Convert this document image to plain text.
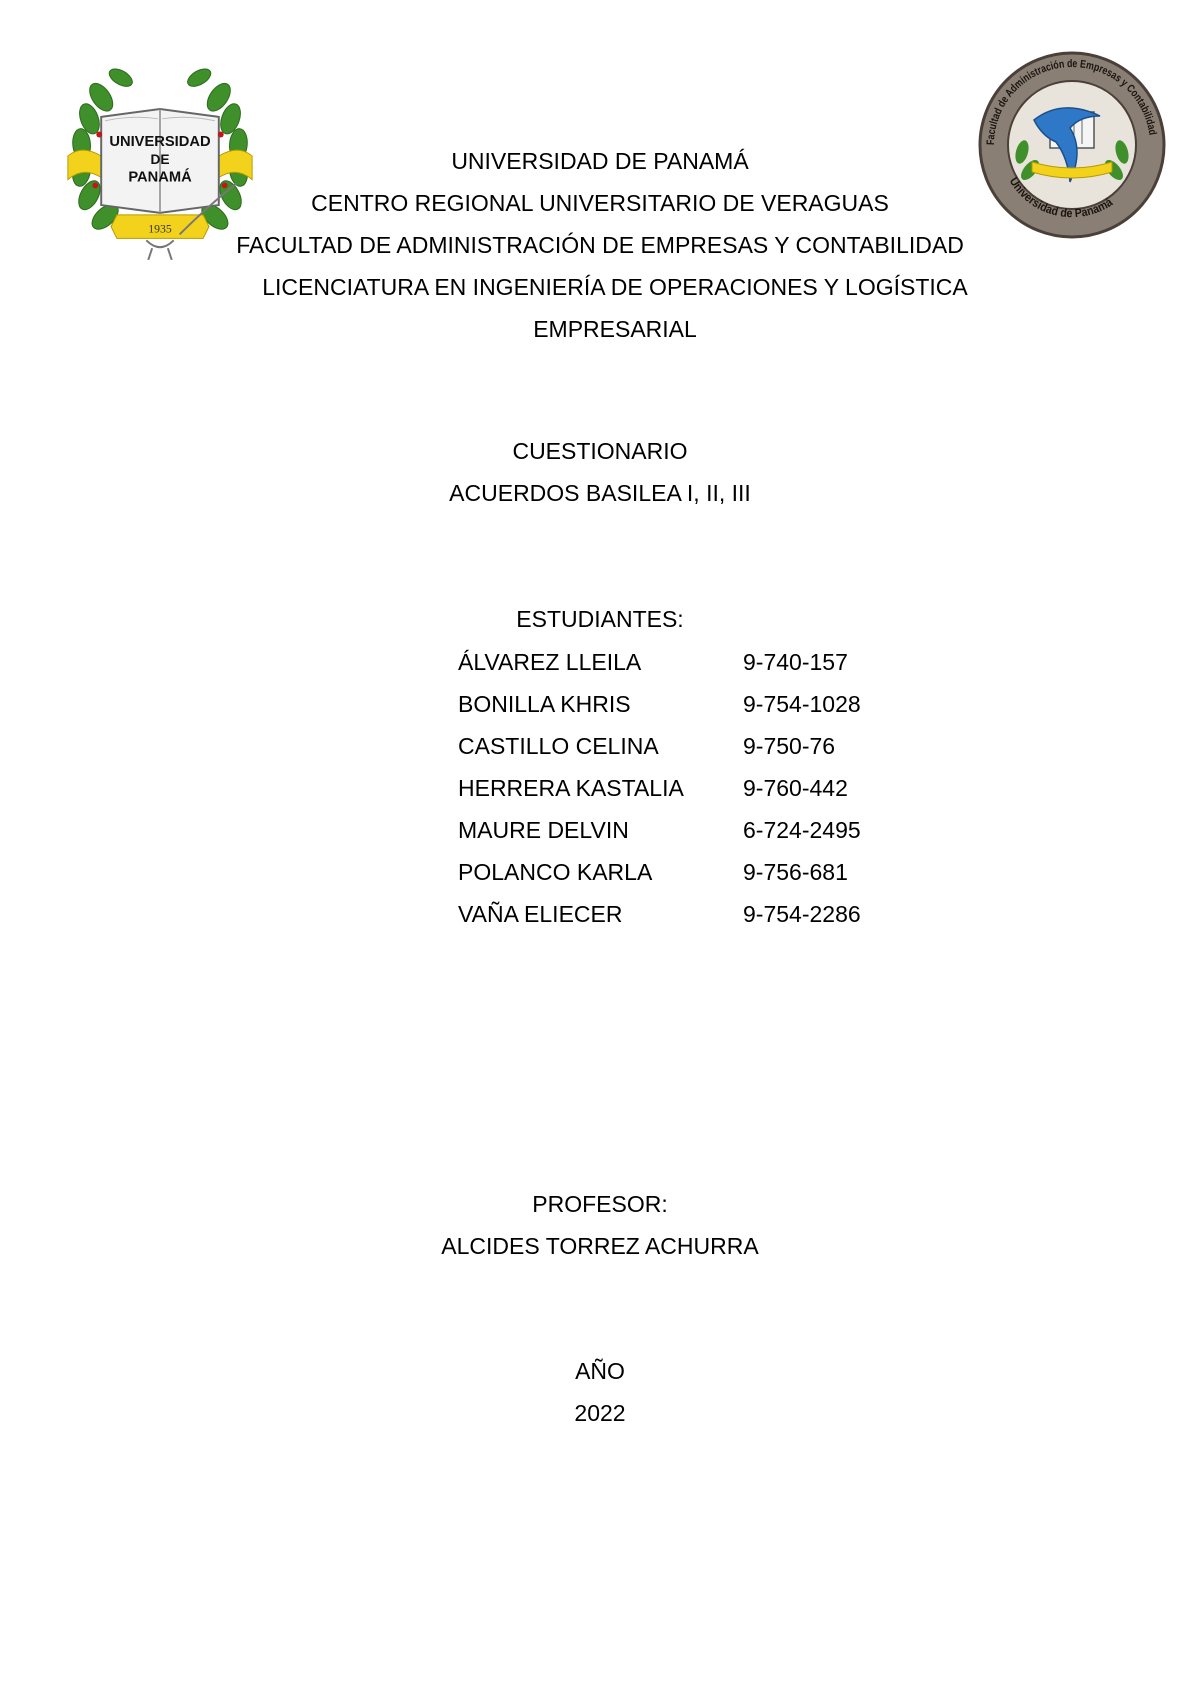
UNIVERSIDAD
DE
PANAMÁ
1935
Facultad de Administración de Empresas y Contabilidad
Universidad de Panamá
UNIVERSIDAD DE PANAMÁ
CENTRO REGIONAL UNIVERSITARIO DE VERAGUAS
FACULTAD DE ADMINISTRACIÓN DE EMPRESAS Y CONTABILIDAD
LICENCIATURA EN INGENIERÍA DE OPERACIONES Y LOGÍSTICA
EMPRESARIAL
CUESTIONARIO
ACUERDOS BASILEA I, II, III
ESTUDIANTES:
ÁLVAREZ LLEILA	9-740-157
BONILLA KHRIS	9-754-1028
CASTILLO CELINA	9-750-76
HERRERA KASTALIA	9-760-442
MAURE DELVIN	6-724-2495
POLANCO KARLA	9-756-681
VAÑA ELIECER	9-754-2286
PROFESOR:
ALCIDES TORREZ ACHURRA
AÑO
2022
